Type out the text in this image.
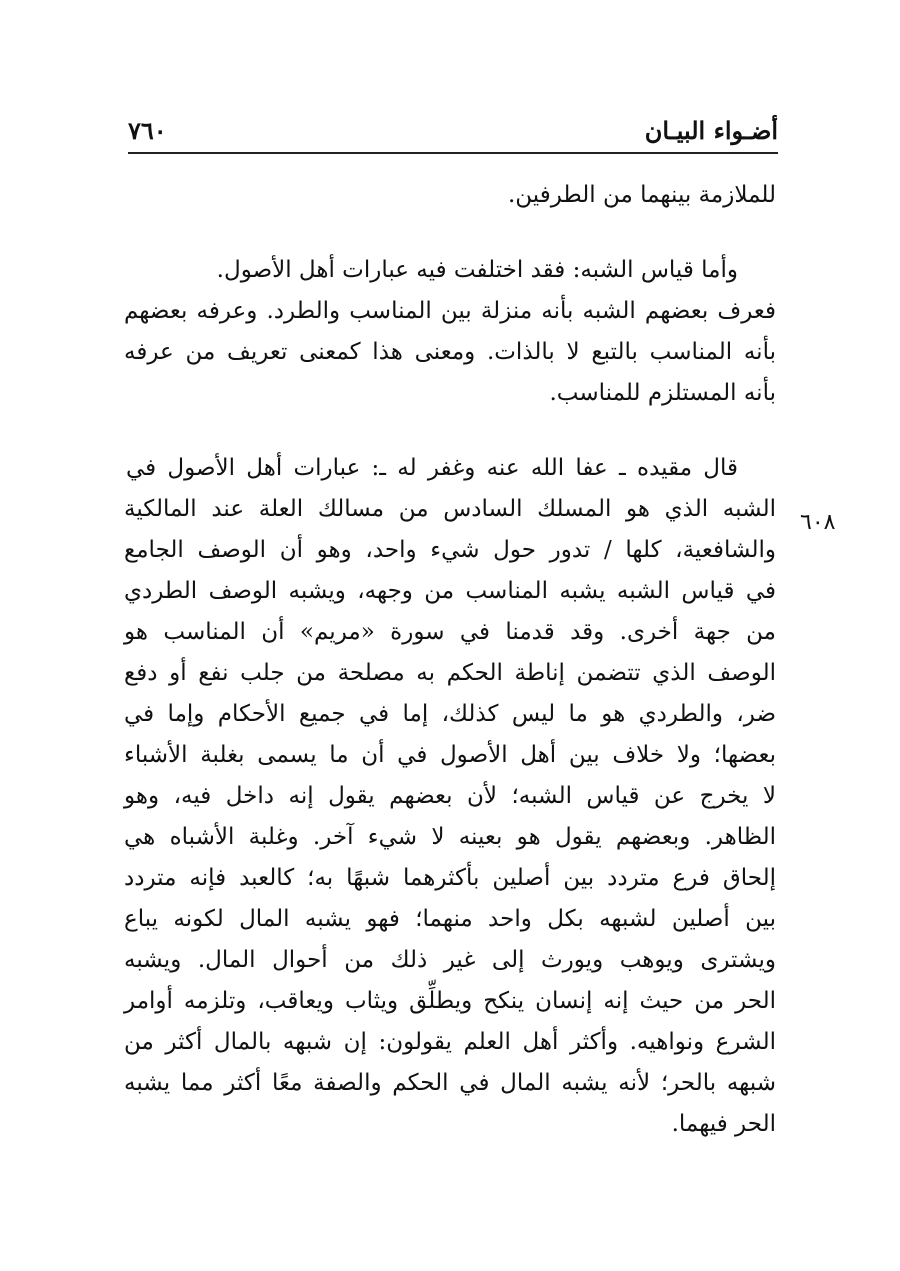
أضـواء البيـان
٧٦٠
٦٠٨
للملازمة بينهما من الطرفين.
وأما قياس الشبه: فقد اختلفت فيه عبارات أهل الأصول.
فعرف بعضهم الشبه بأنه منزلة بين المناسب والطرد. وعرفه بعضهم
بأنه المناسب بالتبع لا بالذات. ومعنى هذا كمعنى تعريف من عرفه
بأنه المستلزم للمناسب.
قال مقيده ـ عفا الله عنه وغفر له ـ: عبارات أهل الأصول في
الشبه الذي هو المسلك السادس من مسالك العلة عند المالكية
والشافعية، كلها / تدور حول شيء واحد، وهو أن الوصف الجامع
في قياس الشبه يشبه المناسب من وجهه، ويشبه الوصف الطردي
من جهة أخرى. وقد قدمنا في سورة «مريم» أن المناسب هو
الوصف الذي تتضمن إناطة الحكم به مصلحة من جلب نفع أو دفع
ضر، والطردي هو ما ليس كذلك، إما في جميع الأحكام وإما في
بعضها؛ ولا خلاف بين أهل الأصول في أن ما يسمى بغلبة الأشباء
لا يخرج عن قياس الشبه؛ لأن بعضهم يقول إنه داخل فيه، وهو
الظاهر. وبعضهم يقول هو بعينه لا شيء آخر. وغلبة الأشباه هي
إلحاق فرع متردد بين أصلين بأكثرهما شبهًا به؛ كالعبد فإنه متردد
بين أصلين لشبهه بكل واحد منهما؛ فهو يشبه المال لكونه يباع
ويشترى ويوهب ويورث إلى غير ذلك من أحوال المال. ويشبه
الحر من حيث إنه إنسان ينكح ويطلِّق ويثاب ويعاقب، وتلزمه أوامر
الشرع ونواهيه. وأكثر أهل العلم يقولون: إن شبهه بالمال أكثر من
شبهه بالحر؛ لأنه يشبه المال في الحكم والصفة معًا أكثر مما يشبه
الحر فيهما.
